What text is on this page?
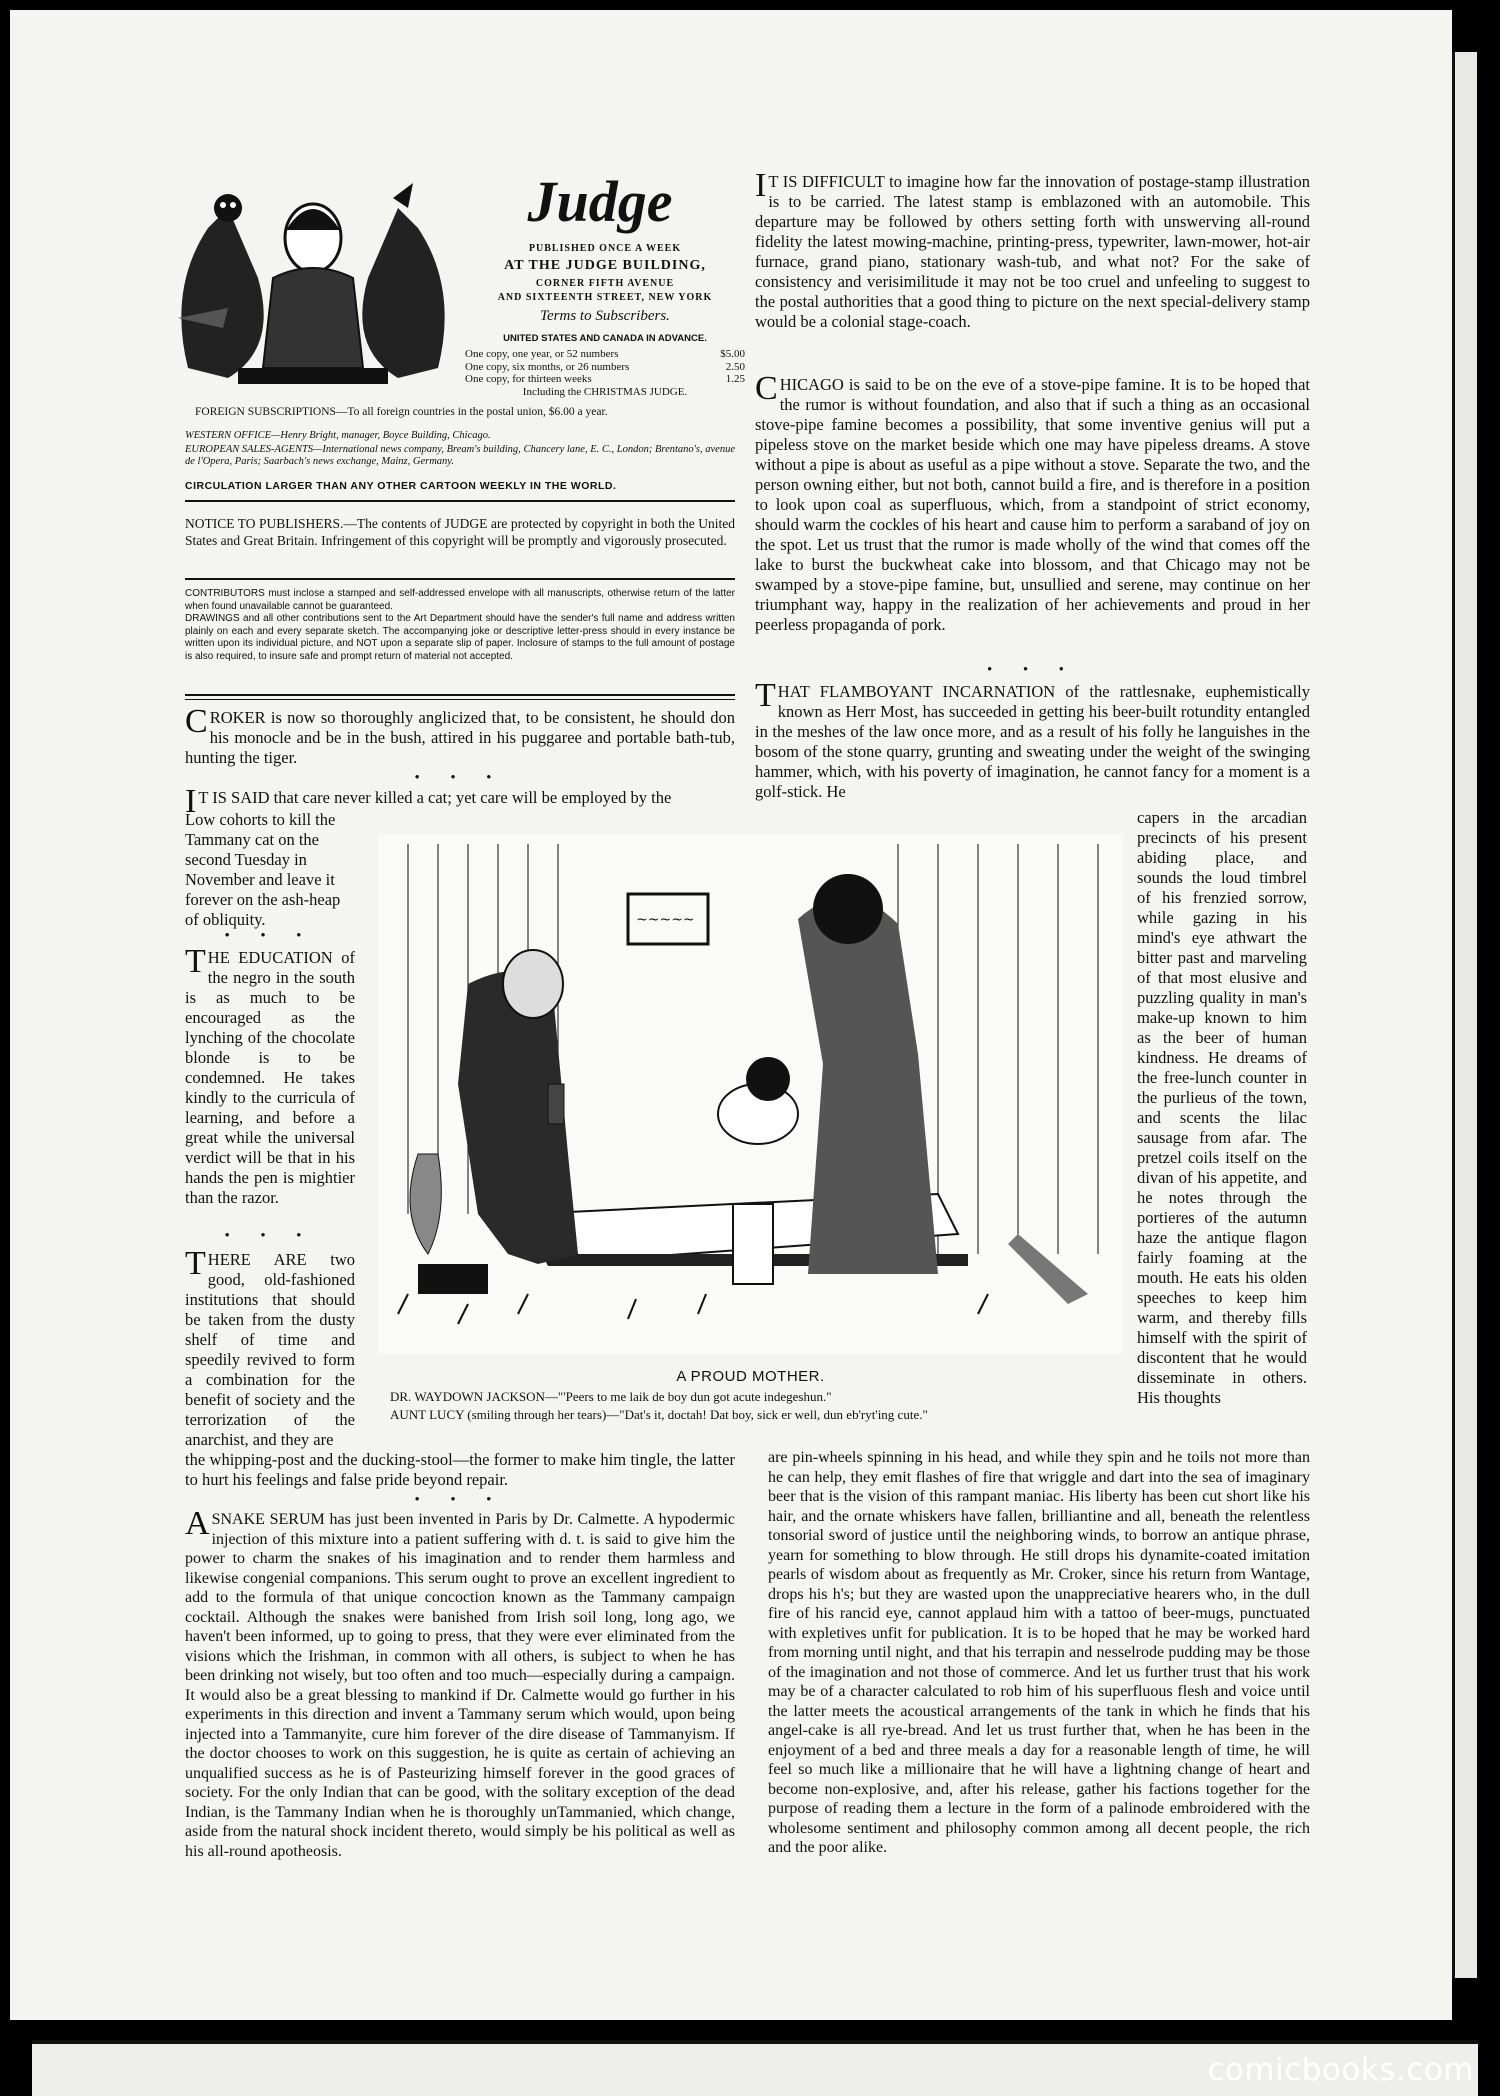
Judge
PUBLISHED ONCE A WEEK
AT THE JUDGE BUILDING,
CORNER FIFTH AVENUE
AND SIXTEENTH STREET, NEW YORK
Terms to Subscribers.
UNITED STATES AND CANADA IN ADVANCE.
One copy, one year, or 52 numbers	$5.00
One copy, six months, or 26 numbers	2.50
One copy, for thirteen weeks	1.25
Including the CHRISTMAS JUDGE.
FOREIGN SUBSCRIPTIONS—To all foreign countries in the postal union, $6.00 a year.
WESTERN OFFICE—Henry Bright, manager, Boyce Building, Chicago.
EUROPEAN SALES-AGENTS—International news company, Bream's building, Chancery lane, E. C., London; Brentano's, avenue de l'Opera, Paris; Saarbach's news exchange, Mainz, Germany.
CIRCULATION LARGER THAN ANY OTHER CARTOON WEEKLY IN THE WORLD.
NOTICE TO PUBLISHERS.—The contents of JUDGE are protected by copyright in both the United States and Great Britain. Infringement of this copyright will be promptly and vigorously prosecuted.
CONTRIBUTORS must inclose a stamped and self-addressed envelope with all manuscripts, otherwise return of the latter when found unavailable cannot be guaranteed.
DRAWINGS and all other contributions sent to the Art Department should have the sender's full name and address written plainly on each and every separate sketch. The accompanying joke or descriptive letter-press should in every instance be written upon its individual picture, and NOT upon a separate slip of paper. Inclosure of stamps to the full amount of postage is also required, to insure safe and prompt return of material not accepted.
CROKER is now so thoroughly anglicized that, to be consistent, he should don his monocle and be in the bush, attired in his puggaree and portable bath-tub, hunting the tiger.
• • •
IT IS SAID that care never killed a cat; yet care will be employed by the
Low cohorts to kill the Tammany cat on the second Tuesday in November and leave it forever on the ash-heap of obliquity.
• • •
THE EDUCATION of the negro in the south is as much to be encouraged as the lynching of the chocolate blonde is to be condemned. He takes kindly to the curricula of learning, and before a great while the universal verdict will be that in his hands the pen is mightier than the razor.
• • •
THERE ARE two good, old-fashioned institutions that should be taken from the dusty shelf of time and speedily revived to form a combination for the benefit of society and the terrorization of the anarchist, and they are
the whipping-post and the ducking-stool—the former to make him tingle, the latter to hurt his feelings and false pride beyond repair.
• • •
ASNAKE SERUM has just been invented in Paris by Dr. Calmette. A hypodermic injection of this mixture into a patient suffering with d. t. is said to give him the power to charm the snakes of his imagination and to render them harmless and likewise congenial companions. This serum ought to prove an excellent ingredient to add to the formula of that unique concoction known as the Tammany campaign cocktail. Although the snakes were banished from Irish soil long, long ago, we haven't been informed, up to going to press, that they were ever eliminated from the visions which the Irishman, in common with all others, is subject to when he has been drinking not wisely, but too often and too much—especially during a campaign. It would also be a great blessing to mankind if Dr. Calmette would go further in his experiments in this direction and invent a Tammany serum which would, upon being injected into a Tammanyite, cure him forever of the dire disease of Tammanyism. If the doctor chooses to work on this suggestion, he is quite as certain of achieving an unqualified success as he is of Pasteurizing himself forever in the good graces of society. For the only Indian that can be good, with the solitary exception of the dead Indian, is the Tammany Indian when he is thoroughly unTammanied, which change, aside from the natural shock incident thereto, would simply be his political as well as his all-round apotheosis.
IT IS DIFFICULT to imagine how far the innovation of postage-stamp illustration is to be carried. The latest stamp is emblazoned with an automobile. This departure may be followed by others setting forth with unswerving all-round fidelity the latest mowing-machine, printing-press, typewriter, lawn-mower, hot-air furnace, grand piano, stationary wash-tub, and what not? For the sake of consistency and verisimilitude it may not be too cruel and unfeeling to suggest to the postal authorities that a good thing to picture on the next special-delivery stamp would be a colonial stage-coach.
CHICAGO is said to be on the eve of a stove-pipe famine. It is to be hoped that the rumor is without foundation, and also that if such a thing as an occasional stove-pipe famine becomes a possibility, that some inventive genius will put a pipeless stove on the market beside which one may have pipeless dreams. A stove without a pipe is about as useful as a pipe without a stove. Separate the two, and the person owning either, but not both, cannot build a fire, and is therefore in a position to look upon coal as superfluous, which, from a standpoint of strict economy, should warm the cockles of his heart and cause him to perform a saraband of joy on the spot. Let us trust that the rumor is made wholly of the wind that comes off the lake to burst the buckwheat cake into blossom, and that Chicago may not be swamped by a stove-pipe famine, but, unsullied and serene, may continue on her triumphant way, happy in the realization of her achievements and proud in her peerless propaganda of pork.
• • •
THAT FLAMBOYANT INCARNATION of the rattlesnake, euphemistically known as Herr Most, has succeeded in getting his beer-built rotundity entangled in the meshes of the law once more, and as a result of his folly he languishes in the bosom of the stone quarry, grunting and sweating under the weight of the swinging hammer, which, with his poverty of imagination, he cannot fancy for a moment is a golf-stick. He
capers in the arcadian precincts of his present abiding place, and sounds the loud timbrel of his frenzied sorrow, while gazing in his mind's eye athwart the bitter past and marveling of that most elusive and puzzling quality in man's make-up known to him as the beer of human kindness. He dreams of the free-lunch counter in the purlieus of the town, and scents the lilac sausage from afar. The pretzel coils itself on the divan of his appetite, and he notes through the portieres of the autumn haze the antique flagon fairly foaming at the mouth. He eats his olden speeches to keep him warm, and thereby fills himself with the spirit of discontent that he would disseminate in others. His thoughts
are pin-wheels spinning in his head, and while they spin and he toils not more than he can help, they emit flashes of fire that wriggle and dart into the sea of imaginary beer that is the vision of this rampant maniac. His liberty has been cut short like his hair, and the ornate whiskers have fallen, brilliantine and all, beneath the relentless tonsorial sword of justice until the neighboring winds, to borrow an antique phrase, yearn for something to blow through. He still drops his dynamite-coated imitation pearls of wisdom about as frequently as Mr. Croker, since his return from Wantage, drops his h's; but they are wasted upon the unappreciative hearers who, in the dull fire of his rancid eye, cannot applaud him with a tattoo of beer-mugs, punctuated with expletives unfit for publication. It is to be hoped that he may be worked hard from morning until night, and that his terrapin and nesselrode pudding may be those of the imagination and not those of commerce. And let us further trust that his work may be of a character calculated to rob him of his superfluous flesh and voice until the latter meets the acoustical arrangements of the tank in which he finds that his angel-cake is all rye-bread. And let us trust further that, when he has been in the enjoyment of a bed and three meals a day for a reasonable length of time, he will feel so much like a millionaire that he will have a lightning change of heart and become non-explosive, and, after his release, gather his factions together for the purpose of reading them a lecture in the form of a palinode embroidered with the wholesome sentiment and philosophy common among all decent people, the rich and the poor alike.
~~~~~
A PROUD MOTHER.
DR. WAYDOWN JACKSON—"'Peers to me laik de boy dun got acute indegeshun."
AUNT LUCY (smiling through her tears)—"Dat's it, doctah! Dat boy, sick er well, dun eb'ryt'ing cute."
comicbooks.com
